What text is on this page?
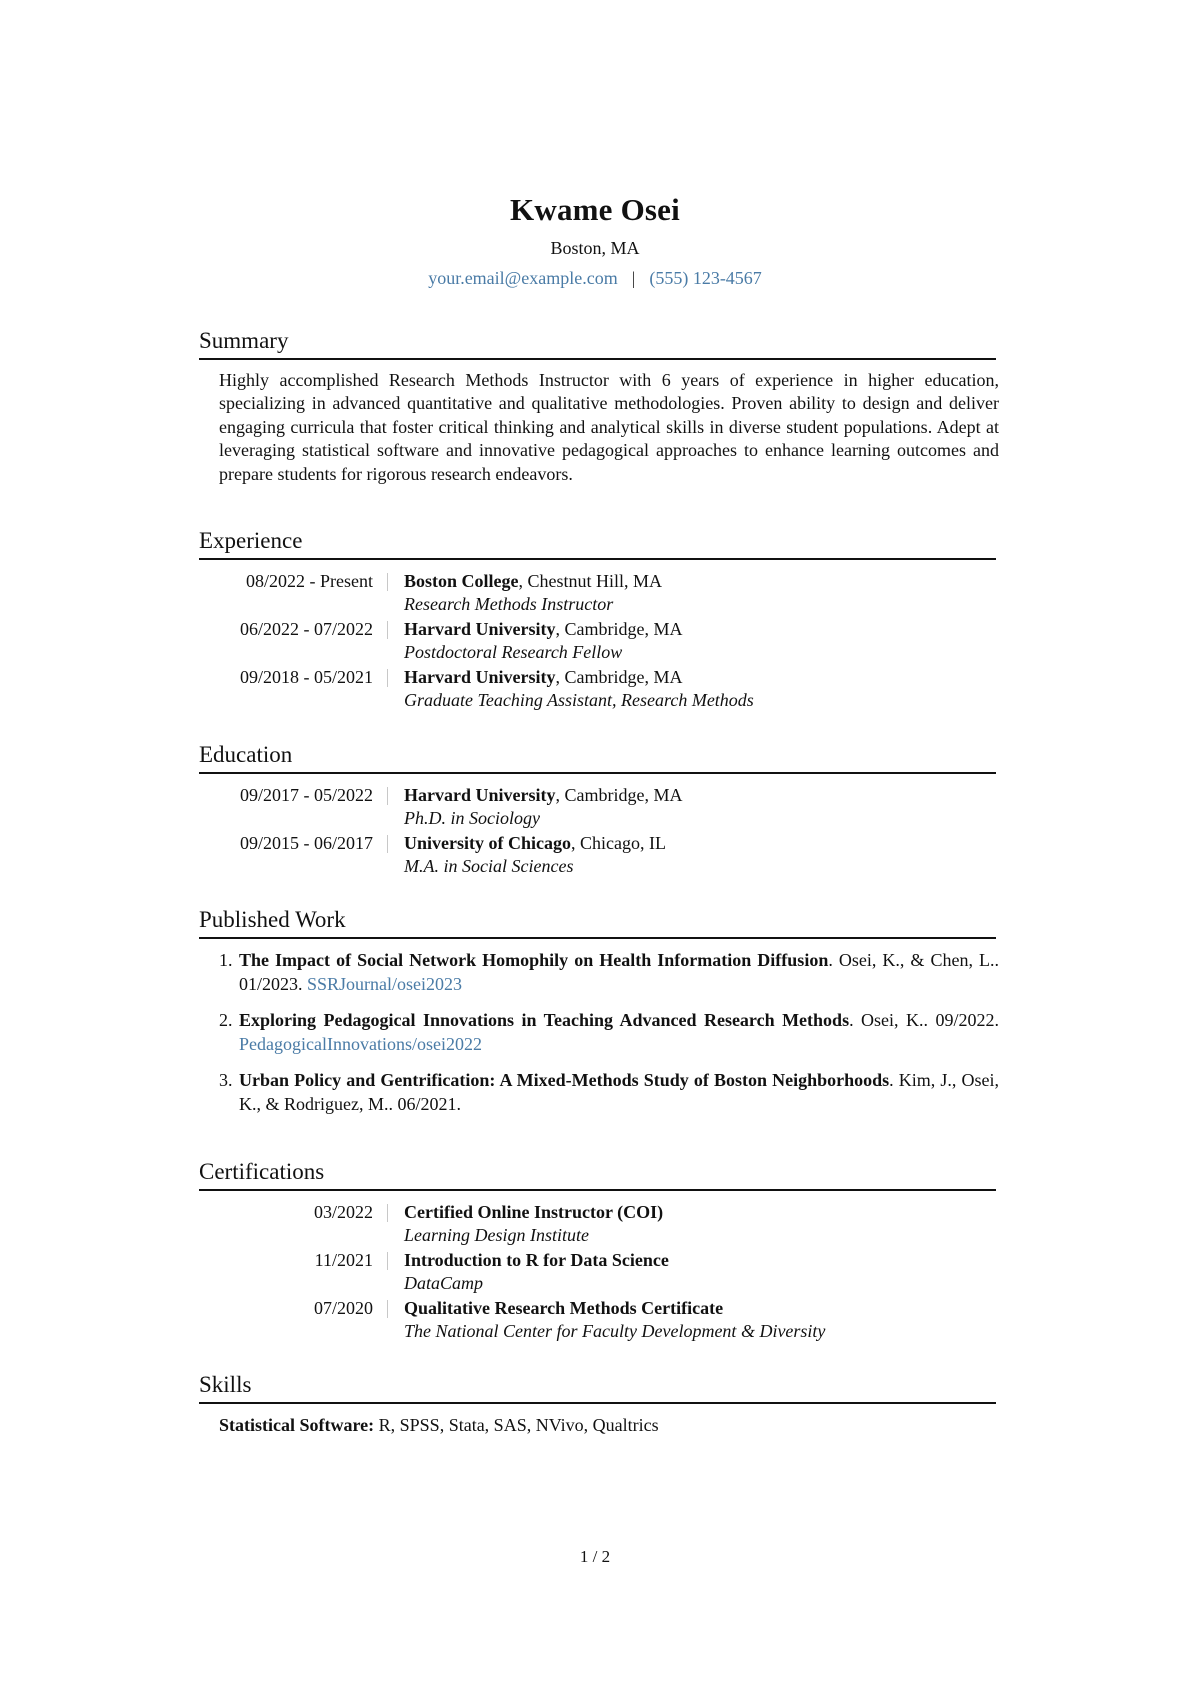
Kwame Osei
Boston, MA
your.email@example.com | (555) 123-4567
Summary
Highly accomplished Research Methods Instructor with 6 years of experience in higher education, specializing in advanced quantitative and qualitative methodologies. Proven ability to design and deliver engaging curricula that foster critical thinking and analytical skills in diverse student populations. Adept at leveraging statistical software and innovative pedagogical approaches to enhance learning outcomes and prepare students for rigorous research endeavors.
Experience
08/2022 - Present	Boston College, Chestnut Hill, MA
Research Methods Instructor
06/2022 - 07/2022	Harvard University, Cambridge, MA
Postdoctoral Research Fellow
09/2018 - 05/2021	Harvard University, Cambridge, MA
Graduate Teaching Assistant, Research Methods
Education
09/2017 - 05/2022	Harvard University, Cambridge, MA
Ph.D. in Sociology
09/2015 - 06/2017	University of Chicago, Chicago, IL
M.A. in Social Sciences
Published Work
1. The Impact of Social Network Homophily on Health Information Diffusion. Osei, K., & Chen, L.. 01/2023. SSRJournal/osei2023
2. Exploring Pedagogical Innovations in Teaching Advanced Research Methods. Osei, K.. 09/2022. PedagogicalInnovations/osei2022
3. Urban Policy and Gentrification: A Mixed-Methods Study of Boston Neighborhoods. Kim, J., Osei, K., & Rodriguez, M.. 06/2021.
Certifications
03/2022	Certified Online Instructor (COI)
Learning Design Institute
11/2021	Introduction to R for Data Science
DataCamp
07/2020	Qualitative Research Methods Certificate
The National Center for Faculty Development & Diversity
Skills
Statistical Software: R, SPSS, Stata, SAS, NVivo, Qualtrics
1 / 2
